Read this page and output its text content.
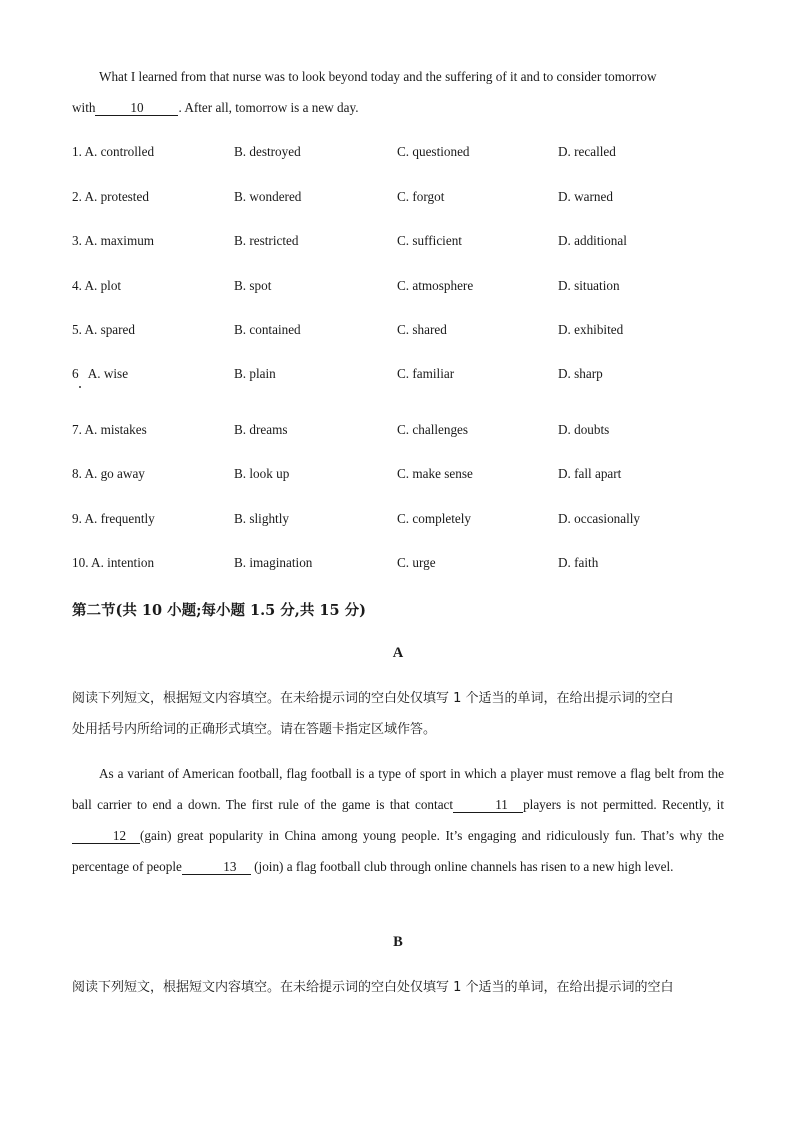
What I learned from that nurse was to look beyond today and the suffering of it and to consider tomorrow

with	10	. After all, tomorrow is a new day.

1. A. controlled	B. destroyed	C. questioned	D. recalled
2. A. protested	B. wondered	C. forgot	D. warned
3. A. maximum	B. restricted	C. sufficient	D. additional
4. A. plot	B. spot	C. atmosphere	D. situation
5. A. spared	B. contained	C. shared	D. exhibited
6   A. wise	B. plain	C. familiar	D. sharp
7. A. mistakes	B. dreams	C. challenges	D. doubts
8. A. go away	B. look up	C. make sense	D. fall apart
9. A. frequently	B. slightly	C. completely	D. occasionally
10. A. intention	B. imagination	C. urge	D. faith
第二节(共 10 小题;每小题 1.5 分,共 15 分)
A

阅读下列短文，根据短文内容填空。在未给提示词的空白处仅填写 1 个适当的单词，在给出提示词的空白

处用括号内所给词的正确形式填空。请在答题卡指定区域作答。

As a variant of American football, flag football is a type of sport in which a player must remove a flag belt from the ball carrier to end a down. The first rule of the game is that contact	11 players is not permitted. Recently, it12 (gain) great popularity in China among young people. It’s engaging and ridiculously fun. That’s why the percentage of people	13 (join) a flag football club through online channels has risen to a new high level.
B

阅读下列短文，根据短文内容填空。在未给提示词的空白处仅填写 1 个适当的单词，在给出提示词的空白
